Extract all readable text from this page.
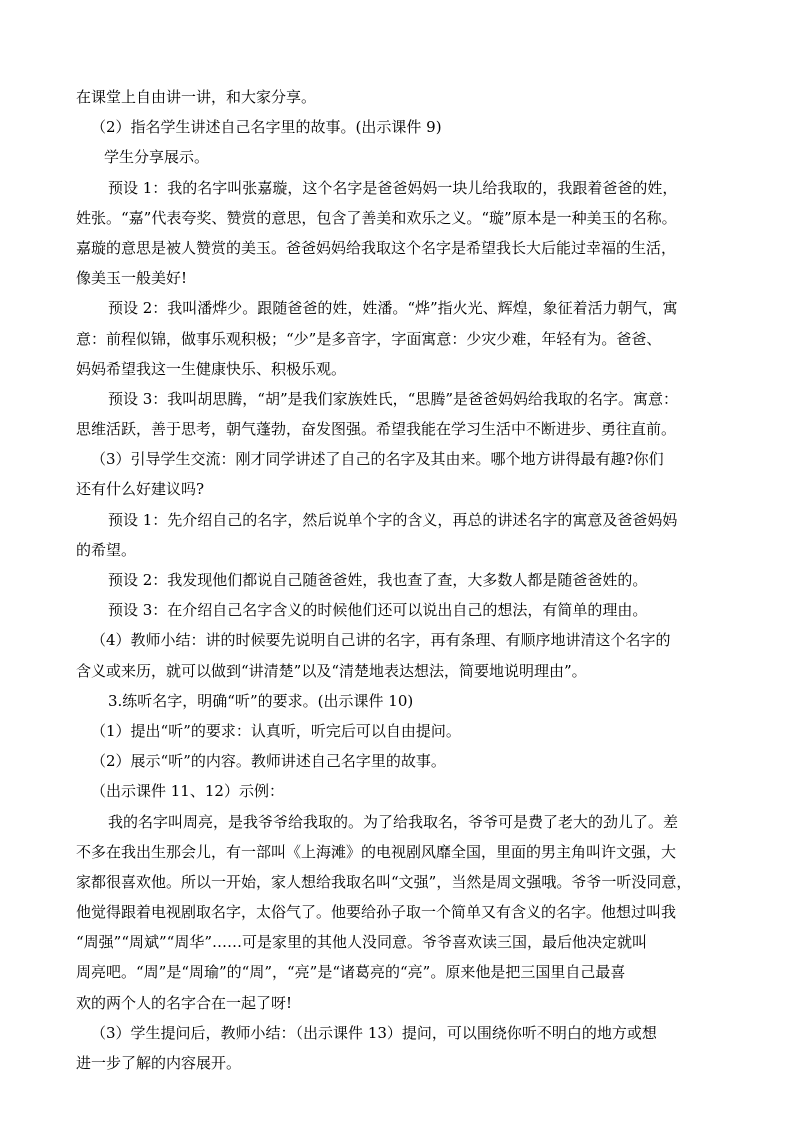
在课堂上自由讲一讲，和大家分享。
（2）指名学生讲述自己名字里的故事。(出示课件 9)
学生分享展示。
预设 1：我的名字叫张嘉璇，这个名字是爸爸妈妈一块儿给我取的，我跟着爸爸的姓，
姓张。“嘉”代表夸奖、赞赏的意思，包含了善美和欢乐之义。“璇”原本是一种美玉的名称。
嘉璇的意思是被人赞赏的美玉。爸爸妈妈给我取这个名字是希望我长大后能过幸福的生活，
像美玉一般美好!
预设 2：我叫潘烨少。跟随爸爸的姓，姓潘。“烨”指火光、辉煌，象征着活力朝气，寓
意：前程似锦，做事乐观积极；“少”是多音字，字面寓意：少灾少难，年轻有为。爸爸、
妈妈希望我这一生健康快乐、积极乐观。
预设 3：我叫胡思腾，“胡”是我们家族姓氏，“思腾”是爸爸妈妈给我取的名字。寓意：
思维活跃，善于思考，朝气蓬勃，奋发图强。希望我能在学习生活中不断进步、勇往直前。
（3）引导学生交流：刚才同学讲述了自己的名字及其由来。哪个地方讲得最有趣?你们
还有什么好建议吗?
预设 1：先介绍自己的名字，然后说单个字的含义，再总的讲述名字的寓意及爸爸妈妈
的希望。
预设 2：我发现他们都说自己随爸爸姓，我也查了查，大多数人都是随爸爸姓的。
预设 3：在介绍自己名字含义的时候他们还可以说出自己的想法，有简单的理由。
（4）教师小结：讲的时候要先说明自己讲的名字，再有条理、有顺序地讲清这个名字的
含义或来历，就可以做到“讲清楚”以及“清楚地表达想法，简要地说明理由”。
3.练听名字，明确“听”的要求。(出示课件 10)
（1）提出“听”的要求：认真听，听完后可以自由提问。
（2）展示“听”的内容。教师讲述自己名字里的故事。
（出示课件 11、12）示例：
我的名字叫周亮，是我爷爷给我取的。为了给我取名，爷爷可是费了老大的劲儿了。差
不多在我出生那会儿，有一部叫《上海滩》的电视剧风靡全国，里面的男主角叫许文强，大
家都很喜欢他。所以一开始，家人想给我取名叫“文强”，当然是周文强哦。爷爷一听没同意，
他觉得跟着电视剧取名字，太俗气了。他要给孙子取一个简单又有含义的名字。他想过叫我
“周强”“周斌”“周华”……可是家里的其他人没同意。爷爷喜欢读三国，最后他决定就叫
周亮吧。“周”是“周瑜”的“周”，“亮”是“诸葛亮的“亮”。原来他是把三国里自己最喜
欢的两个人的名字合在一起了呀!
（3）学生提问后，教师小结：（出示课件 13）提问，可以围绕你听不明白的地方或想
进一步了解的内容展开。
